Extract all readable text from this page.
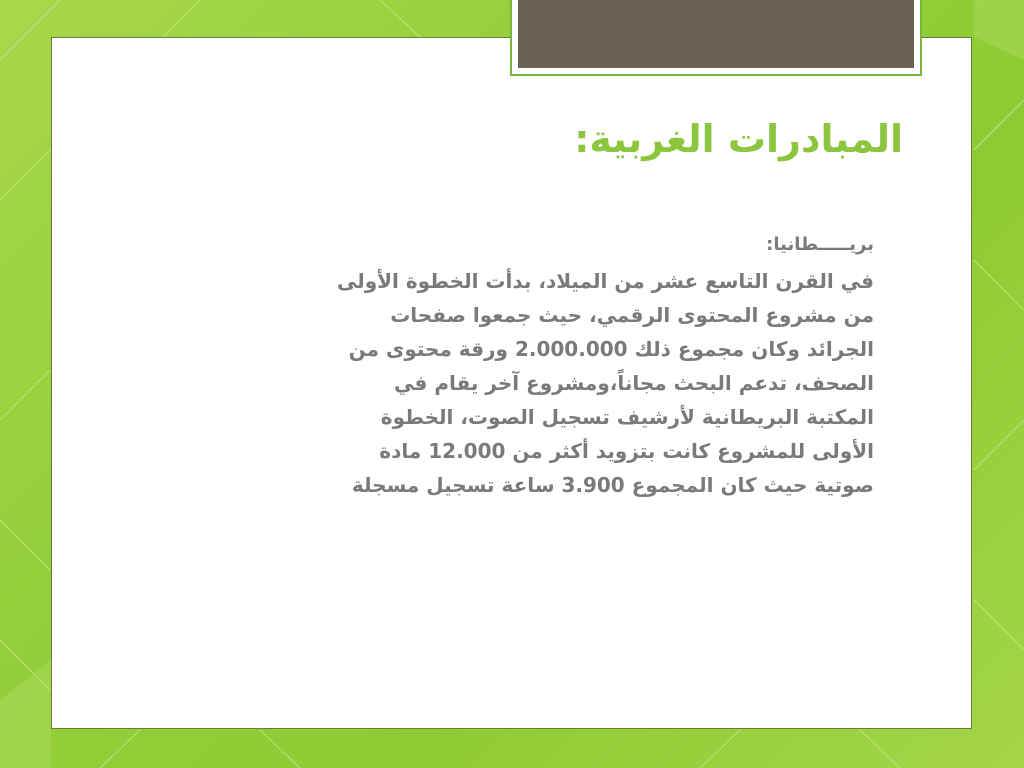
المبادرات الغربية:

بريـــــطانيا:

في القرن التاسع عشر من الميلاد، بدأت الخطوة الأولى
من مشروع المحتوى الرقمي، حيث جمعوا صفحات
الجرائد وكان مجموع ذلك 2.000.000 ورقة محتوى من
الصحف، تدعم البحث مجاناً،ومشروع آخر يقام في
المكتبة البريطانية لأرشيف تسجيل الصوت، الخطوة
الأولى للمشروع كانت بتزويد أكثر من 12.000 مادة
صوتية حيث كان المجموع 3.900 ساعة تسجيل مسجلة
